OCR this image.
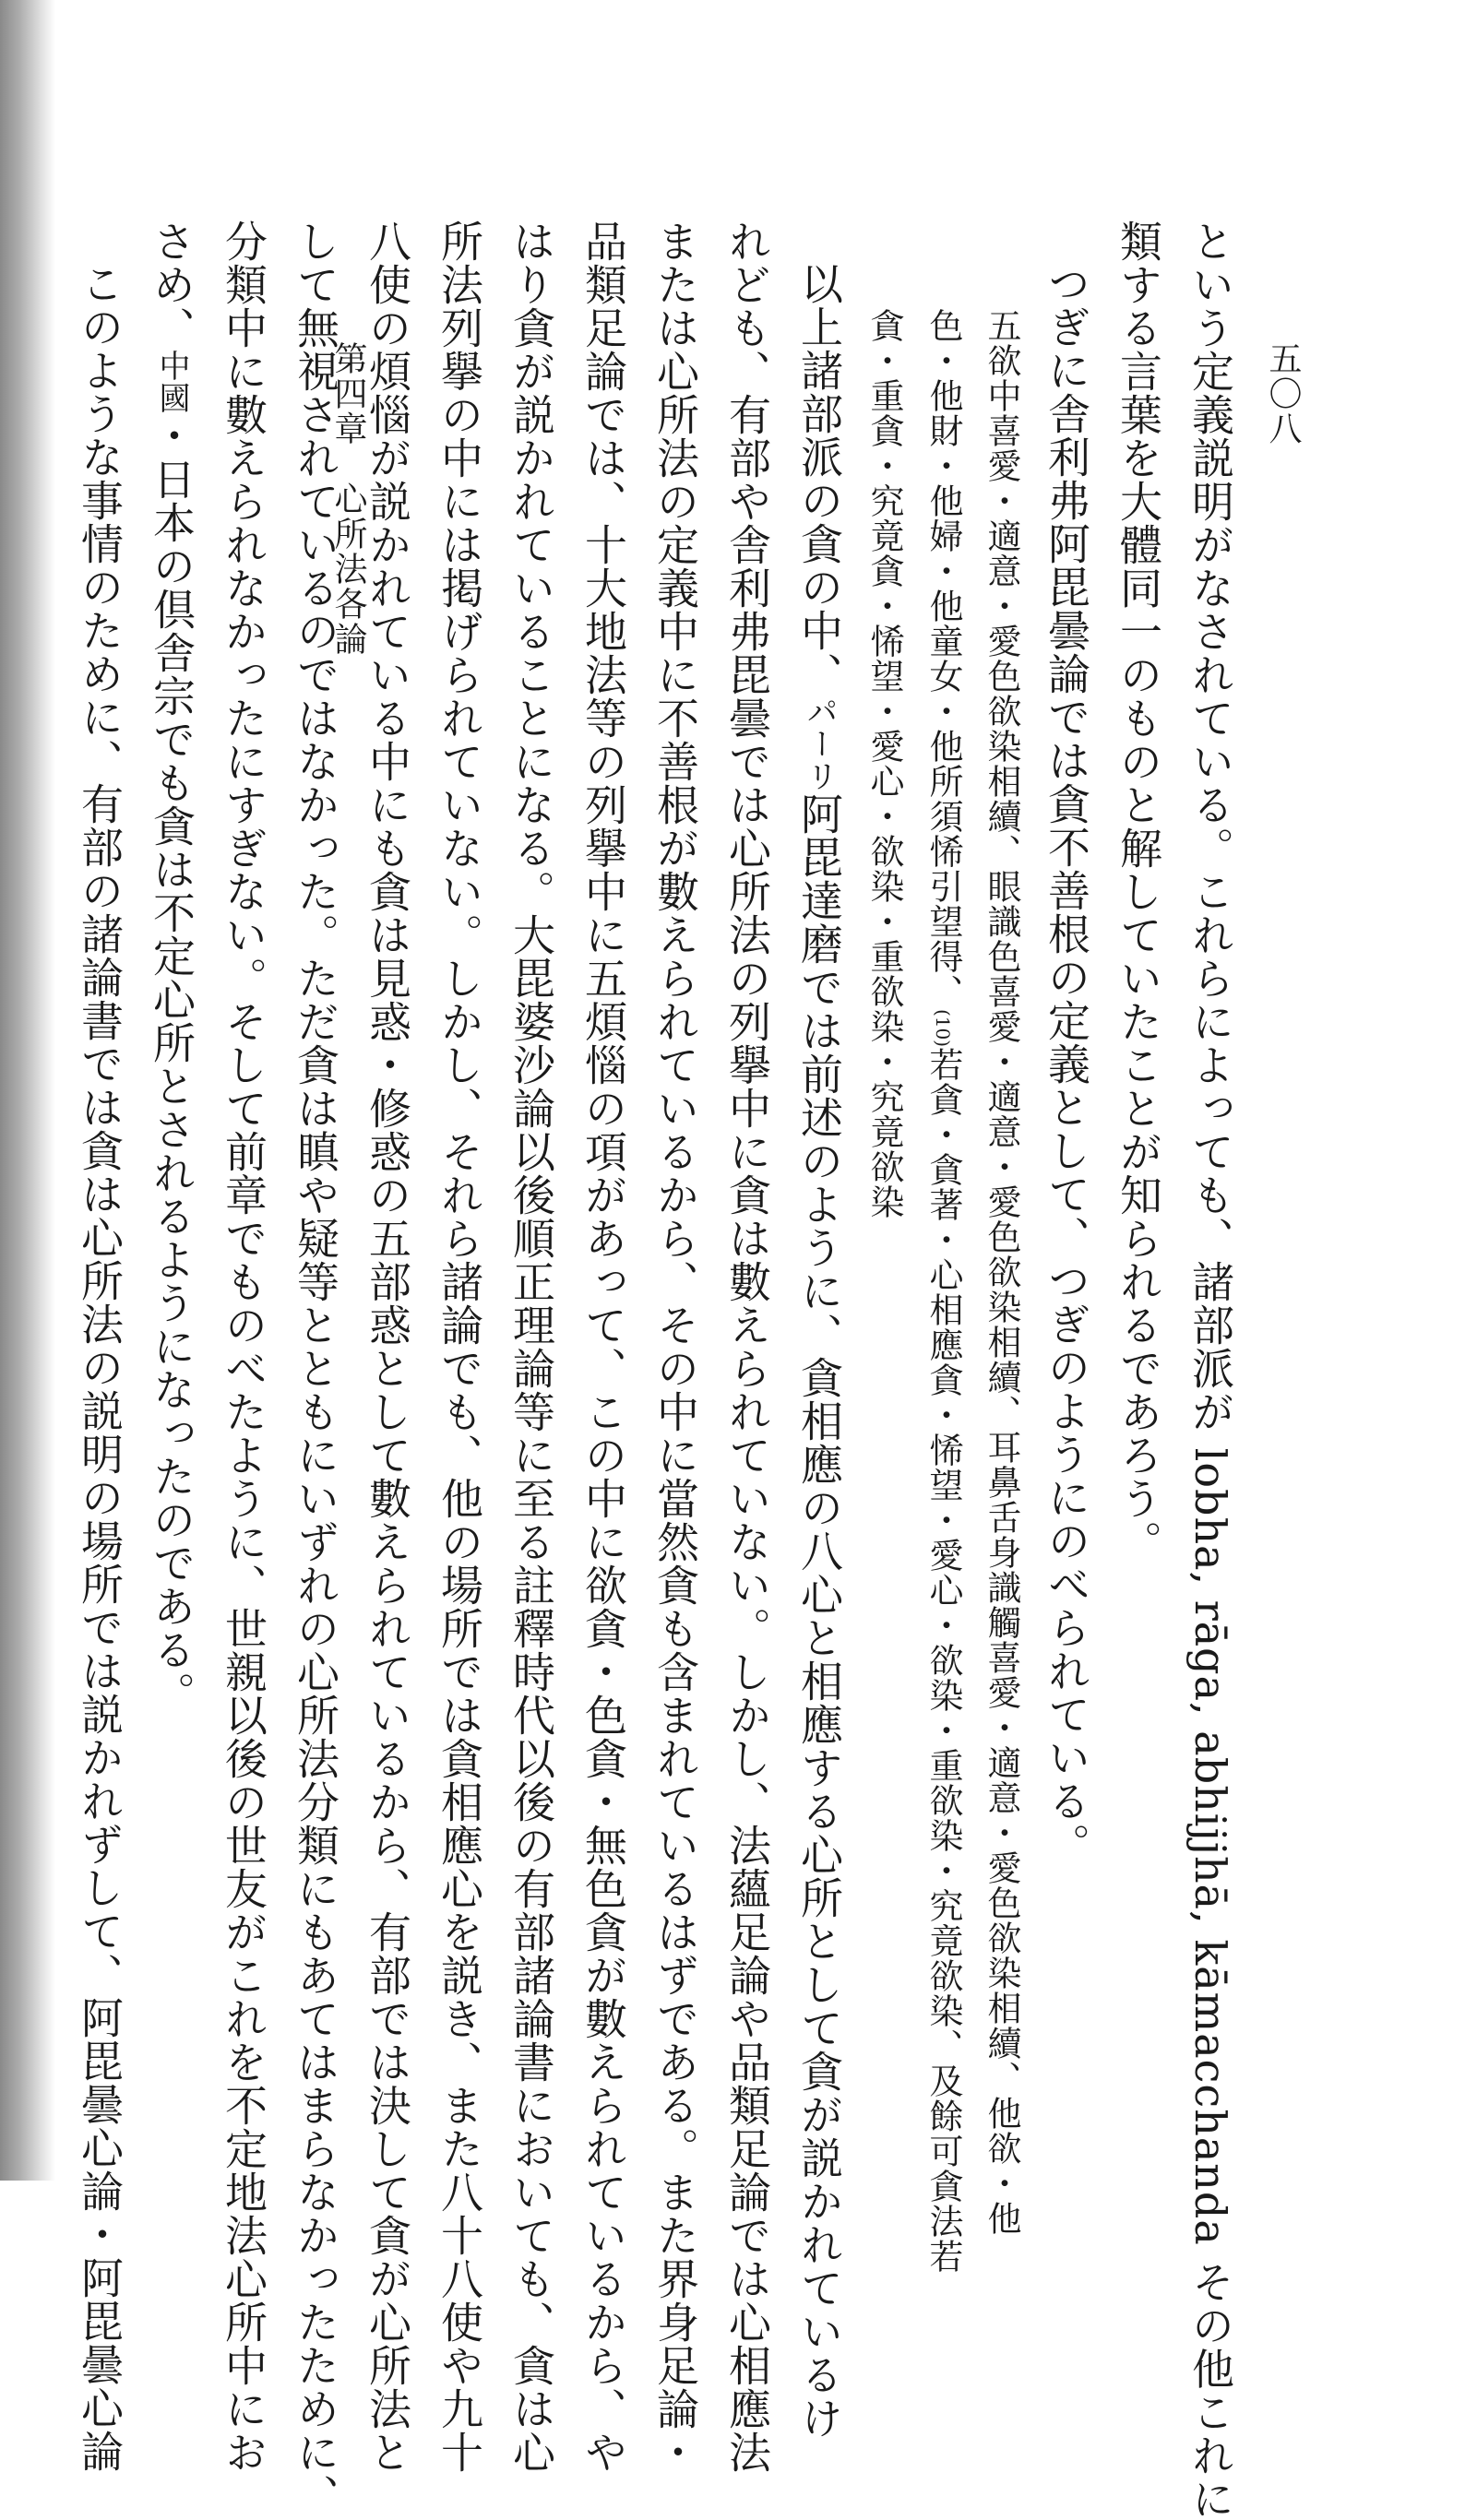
五〇八
第四章　心所法各論	という定義説明がなされている。これらによっても、諸部派が lobha, rāga, abhijjhā, kāmacchanda その他これに

類する言葉を大體同一のものと解していたことが知られるであろう。

つぎに舎利弗阿毘曇論では貪不善根の定義として、つぎのようにのべられている。

五欲中喜愛・適意・愛色欲染相續、眼識色喜愛・適意・愛色欲染相續、耳鼻舌身識觸喜愛・適意・愛色欲染相續、他欲・他

色・他財・他婦・他童女・他所須悕引望得、(10)若貪・貪著・心相應貪・悕望・愛心・欲染・重欲染・究竟欲染、及餘可貪法若

貪・重貪・究竟貪・悕望・愛心・欲染・重欲染・究竟欲染

以上諸部派の貪の中、パーリ阿毘達磨では前述のように、貪相應の八心と相應する心所として貪が説かれているけ

れども、有部や舎利弗毘曇では心所法の列擧中に貪は數えられていない。しかし、法蘊足論や品類足論では心相應法

または心所法の定義中に不善根が數えられているから、その中に當然貪も含まれているはずである。また界身足論・

品類足論では、十大地法等の列擧中に五煩惱の項があって、この中に欲貪・色貪・無色貪が數えられているから、や

はり貪が説かれていることになる。大毘婆沙論以後順正理論等に至る註釋時代以後の有部諸論書においても、貪は心

所法列擧の中には掲げられていない。しかし、それら諸論でも、他の場所では貪相應心を説き、また八十八使や九十

八使の煩惱が説かれている中にも貪は見惑・修惑の五部惑として數えられているから、有部では決して貪が心所法と

して無視されているのではなかった。ただ貪は瞋や疑等とともにいずれの心所法分類にもあてはまらなかったために、

分類中に數えられなかったにすぎない。そして前章でものべたように、世親以後の世友がこれを不定地法心所中にお

さめ、中國・日本の倶舎宗でも貪は不定心所とされるようになったのである。

このような事情のために、有部の諸論書では貪は心所法の説明の場所では説かれずして、阿毘曇心論・阿毘曇心論
